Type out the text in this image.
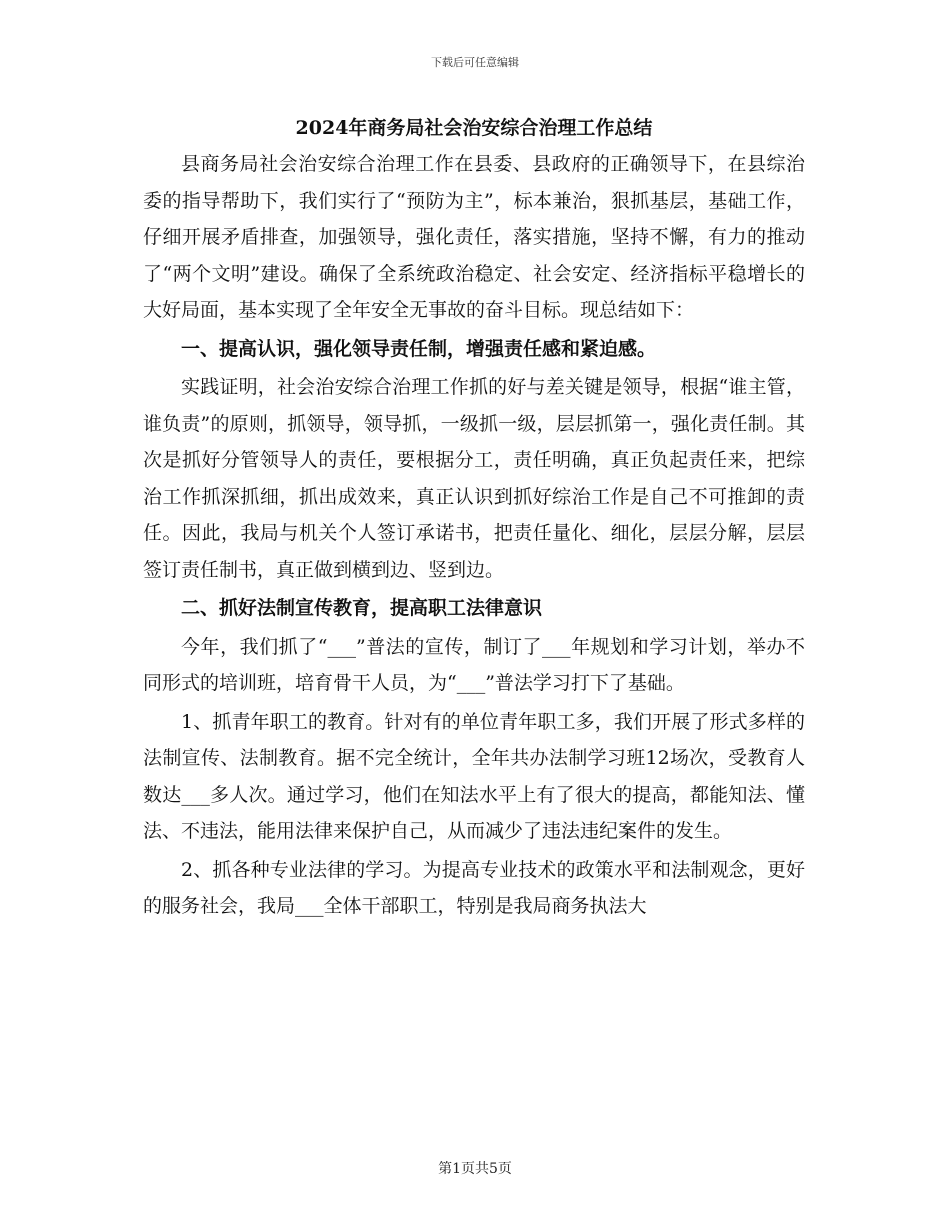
下载后可任意编辑
2024年商务局社会治安综合治理工作总结

县商务局社会治安综合治理工作在县委、县政府的正确领导下，在县综治委的指导帮助下，我们实行了“预防为主”，标本兼治，狠抓基层，基础工作，仔细开展矛盾排查，加强领导，强化责任，落实措施，坚持不懈，有力的推动了“两个文明”建设。确保了全系统政治稳定、社会安定、经济指标平稳增长的大好局面，基本实现了全年安全无事故的奋斗目标。现总结如下：

一、提高认识，强化领导责任制，增强责任感和紧迫感。

实践证明，社会治安综合治理工作抓的好与差关键是领导，根据“谁主管，谁负责”的原则，抓领导，领导抓，一级抓一级，层层抓第一，强化责任制。其次是抓好分管领导人的责任，要根据分工，责任明确，真正负起责任来，把综治工作抓深抓细，抓出成效来，真正认识到抓好综治工作是自己不可推卸的责任。因此，我局与机关个人签订承诺书，把责任量化、细化，层层分解，层层签订责任制书，真正做到横到边、竖到边。

二、抓好法制宣传教育，提高职工法律意识

今年，我们抓了“___”普法的宣传，制订了___年规划和学习计划，举办不同形式的培训班，培育骨干人员，为“___”普法学习打下了基础。

1、抓青年职工的教育。针对有的单位青年职工多，我们开展了形式多样的法制宣传、法制教育。据不完全统计，全年共办法制学习班12场次，受教育人数达___多人次。通过学习，他们在知法水平上有了很大的提高，都能知法、懂法、不违法，能用法律来保护自己，从而减少了违法违纪案件的发生。

2、抓各种专业法律的学习。为提高专业技术的政策水平和法制观念，更好的服务社会，我局___全体干部职工，特别是我局商务执法大

第1页共5页
